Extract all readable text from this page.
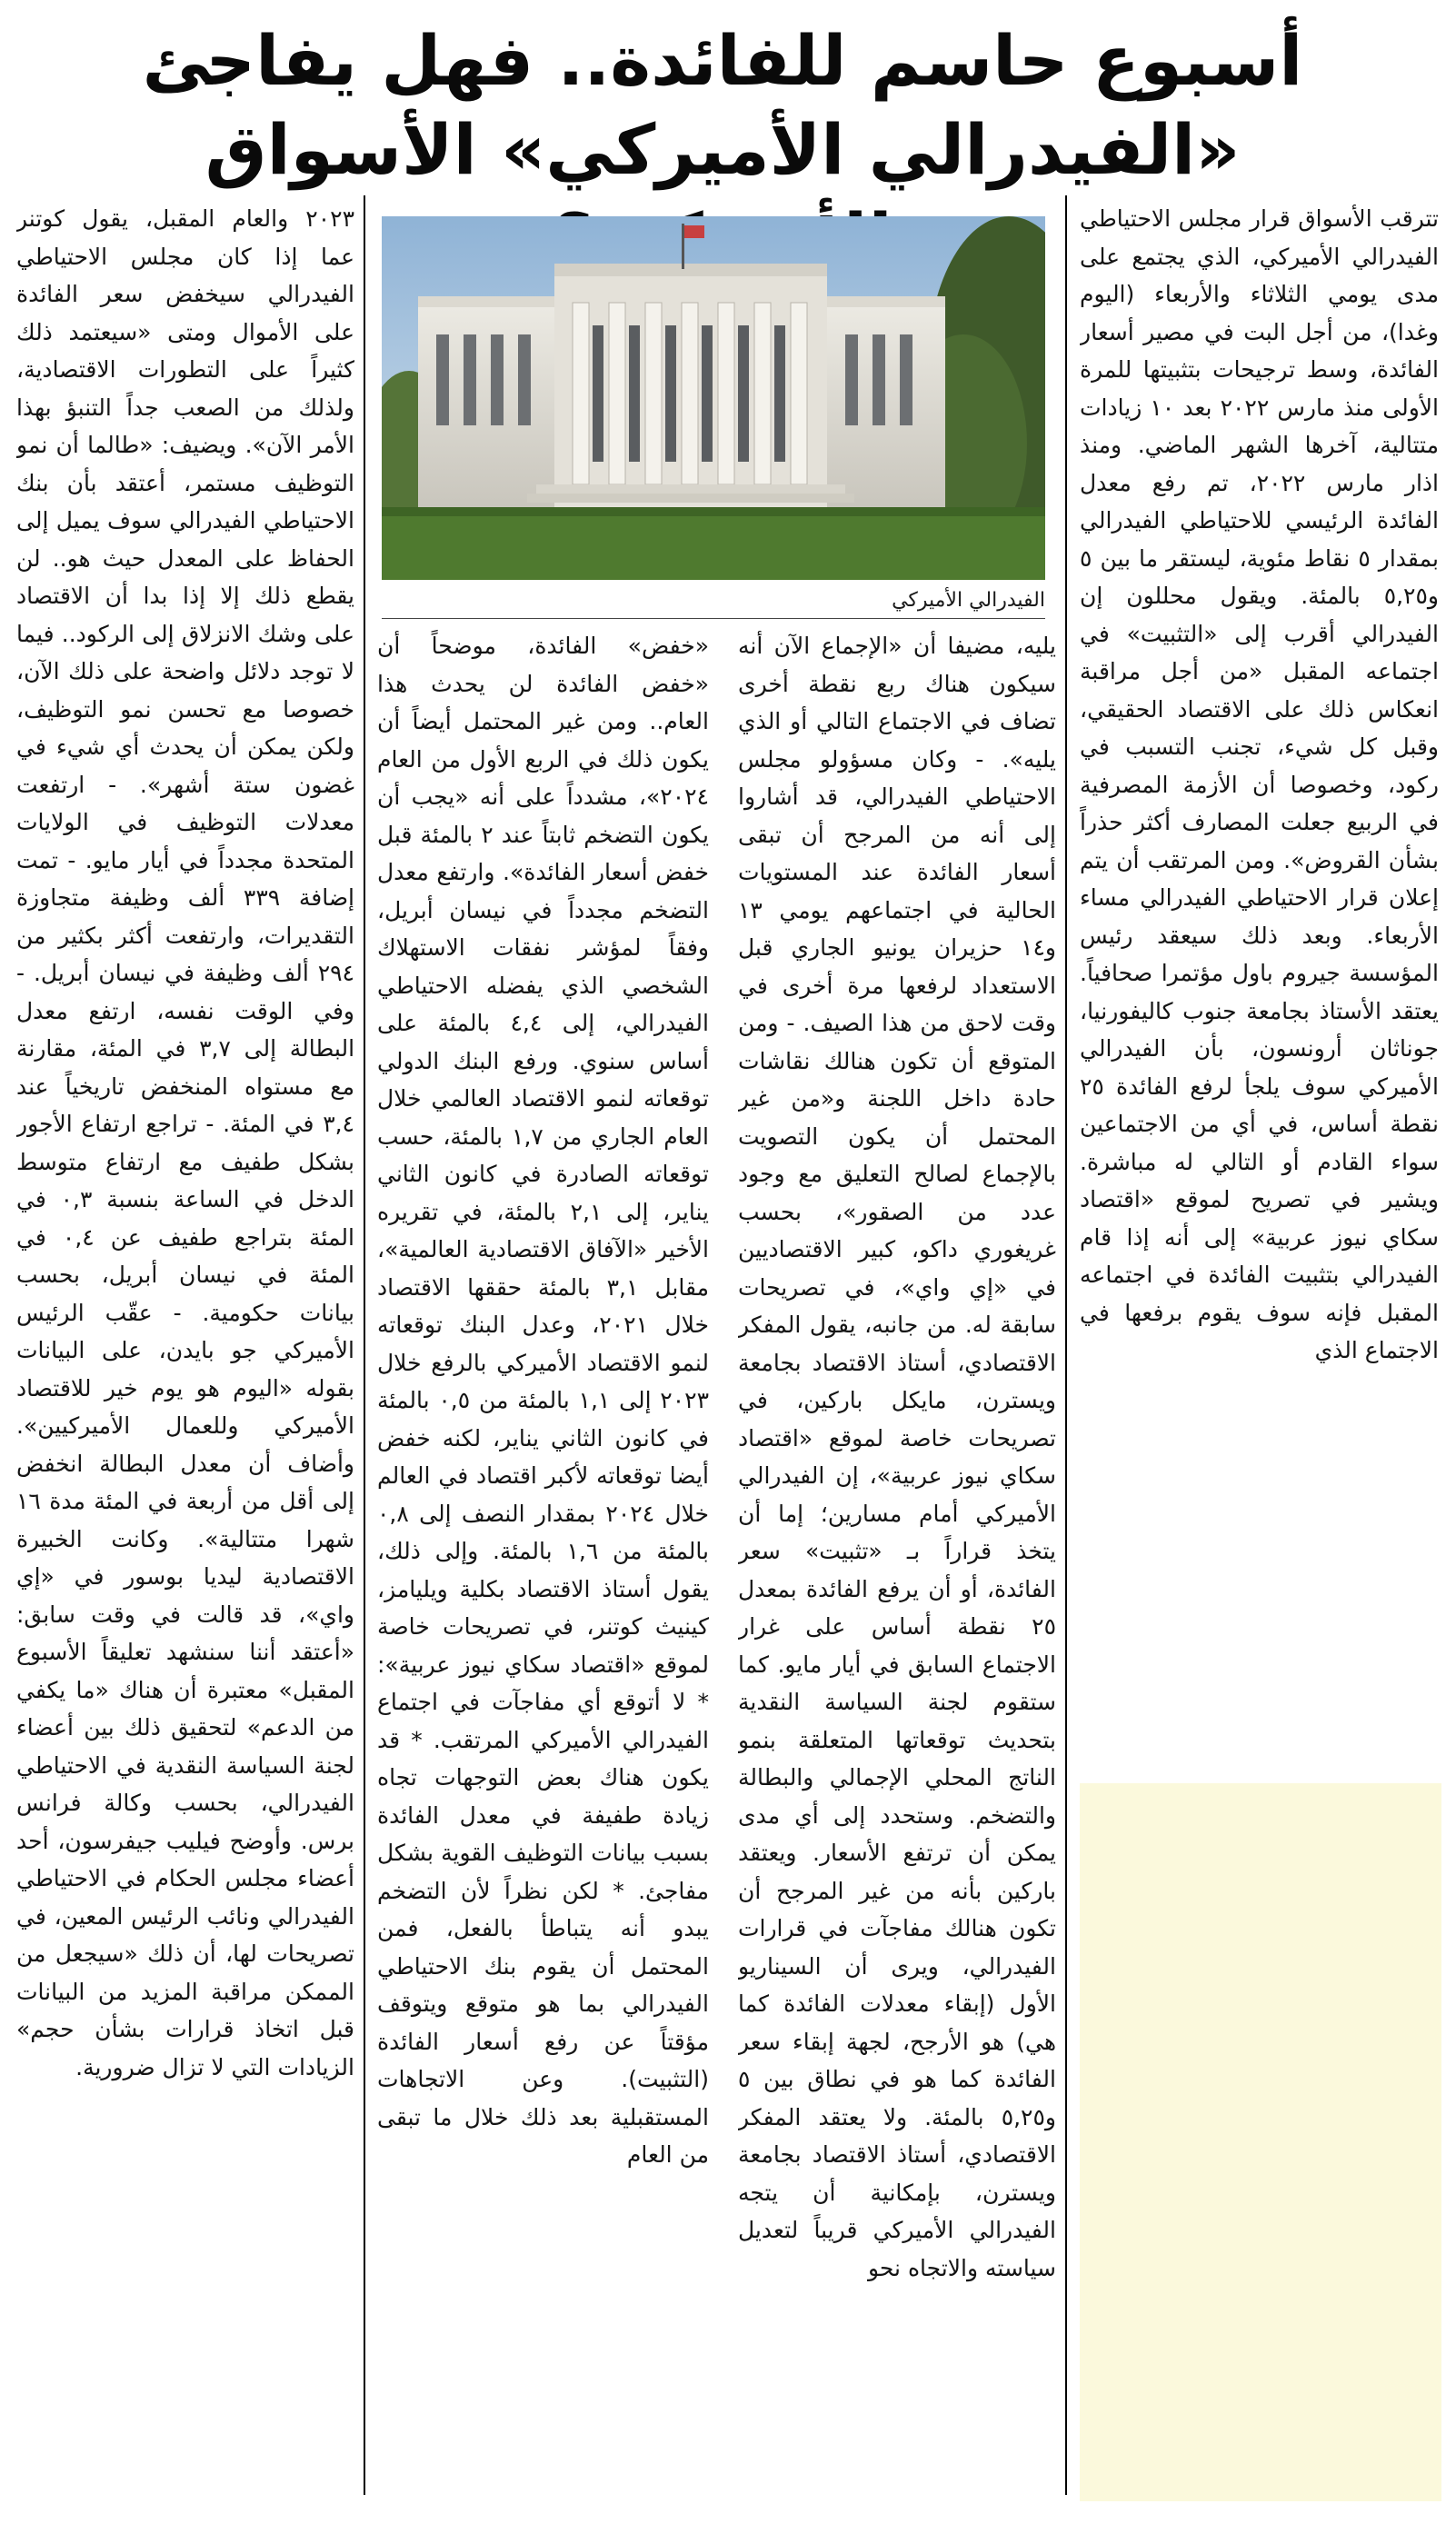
أسبوع حاسم للفائدة.. فهل يفاجئ
«الفيدرالي الأميركي» الأسواق

تترقب الأسواق قرار مجلس الاحتياطي الفيدرالي الأميركي، الذي يجتمع على مدى يومي الثلاثاء والأربعاء (اليوم وغدا)، من أجل البت في مصير أسعار الفائدة، وسط ترجيحات بتثبيتها للمرة الأولى منذ مارس ٢٠٢٢ بعد ١٠ زيادات متتالية، آخرها الشهر الماضي. ومنذ اذار مارس ٢٠٢٢، تم رفع معدل الفائدة الرئيسي للاحتياطي الفيدرالي بمقدار ٥ نقاط مئوية، ليستقر ما بين ٥ و٥,٢٥ بالمئة. ويقول محللون إن الفيدرالي أقرب إلى «التثبيت» في اجتماعه المقبل «من أجل مراقبة انعكاس ذلك على الاقتصاد الحقيقي، وقبل كل شيء، تجنب التسبب في ركود، وخصوصا أن الأزمة المصرفية في الربيع جعلت المصارف أكثر حذراً بشأن القروض». ومن المرتقب أن يتم إعلان قرار الاحتياطي الفيدرالي مساء الأربعاء. وبعد ذلك سيعقد رئيس المؤسسة جيروم باول مؤتمرا صحافياً. يعتقد الأستاذ بجامعة جنوب كاليفورنيا، جوناثان أرونسون، بأن الفيدرالي الأميركي سوف يلجأ لرفع الفائدة ٢٥ نقطة أساس، في أي من الاجتماعين سواء القادم أو التالي له مباشرة. ويشير في تصريح لموقع «اقتصاد سكاي نيوز عربية» إلى أنه إذا قام الفيدرالي بتثبيت الفائدة في اجتماعه المقبل فإنه سوف يقوم برفعها في الاجتماع الذي

الفيدرالي الأميركي

يليه، مضيفا أن «الإجماع الآن أنه سيكون هناك ربع نقطة أخرى تضاف في الاجتماع التالي أو الذي يليه». - وكان مسؤولو مجلس الاحتياطي الفيدرالي، قد أشاروا إلى أنه من المرجح أن تبقى أسعار الفائدة عند المستويات الحالية في اجتماعهم يومي ١٣ و١٤ حزيران يونيو الجاري قبل الاستعداد لرفعها مرة أخرى في وقت لاحق من هذا الصيف. - ومن المتوقع أن تكون هنالك نقاشات حادة داخل اللجنة و«من غير المحتمل أن يكون التصويت بالإجماع لصالح التعليق مع وجود عدد من الصقور»، بحسب غريغوري داكو، كبير الاقتصاديين في «إي واي»، في تصريحات سابقة له. من جانبه، يقول المفكر الاقتصادي، أستاذ الاقتصاد بجامعة ويسترن، مايكل باركين، في تصريحات خاصة لموقع «اقتصاد سكاي نيوز عربية»، إن الفيدرالي الأميركي أمام مسارين؛ إما أن يتخذ قراراً بـ «تثبيت» سعر الفائدة، أو أن يرفع الفائدة بمعدل ٢٥ نقطة أساس على غرار الاجتماع السابق في أيار مايو. كما ستقوم لجنة السياسة النقدية بتحديث توقعاتها المتعلقة بنمو الناتج المحلي الإجمالي والبطالة والتضخم. وستحدد إلى أي مدى يمكن أن ترتفع الأسعار. ويعتقد باركين بأنه من غير المرجح أن تكون هنالك مفاجآت في قرارات الفيدرالي، ويرى أن السيناريو الأول (إبقاء معدلات الفائدة كما هي) هو الأرجح، لجهة إبقاء سعر الفائدة كما هو في نطاق بين ٥ و٥,٢٥ بالمئة. ولا يعتقد المفكر الاقتصادي، أستاذ الاقتصاد بجامعة ويسترن، بإمكانية أن يتجه الفيدرالي الأميركي قريباً لتعديل سياسته والاتجاه نحو

«خفض» الفائدة، موضحاً أن «خفض الفائدة لن يحدث هذا العام.. ومن غير المحتمل أيضاً أن يكون ذلك في الربع الأول من العام ٢٠٢٤»، مشدداً على أنه «يجب أن يكون التضخم ثابتاً عند ٢ بالمئة قبل خفض أسعار الفائدة». وارتفع معدل التضخم مجدداً في نيسان أبريل، وفقاً لمؤشر نفقات الاستهلاك الشخصي الذي يفضله الاحتياطي الفيدرالي، إلى ٤,٤ بالمئة على أساس سنوي. ورفع البنك الدولي توقعاته لنمو الاقتصاد العالمي خلال العام الجاري من ١,٧ بالمئة، حسب توقعاته الصادرة في كانون الثاني يناير، إلى ٢,١ بالمئة، في تقريره الأخير «الآفاق الاقتصادية العالمية»، مقابل ٣,١ بالمئة حققها الاقتصاد خلال ٢٠٢١، وعدل البنك توقعاته لنمو الاقتصاد الأميركي بالرفع خلال ٢٠٢٣ إلى ١,١ بالمئة من ٠,٥ بالمئة في كانون الثاني يناير، لكنه خفض أيضا توقعاته لأكبر اقتصاد في العالم خلال ٢٠٢٤ بمقدار النصف إلى ٠,٨ بالمئة من ١,٦ بالمئة. وإلى ذلك، يقول أستاذ الاقتصاد بكلية ويليامز، كينيث كوتنر، في تصريحات خاصة لموقع «اقتصاد سكاي نيوز عربية»: * لا أتوقع أي مفاجآت في اجتماع الفيدرالي الأميركي المرتقب. * قد يكون هناك بعض التوجهات تجاه زيادة طفيفة في معدل الفائدة بسبب بيانات التوظيف القوية بشكل مفاجئ. * لكن نظراً لأن التضخم يبدو أنه يتباطأ بالفعل، فمن المحتمل أن يقوم بنك الاحتياطي الفيدرالي بما هو متوقع ويتوقف مؤقتاً عن رفع أسعار الفائدة (التثبيت). وعن الاتجاهات المستقبلية بعد ذلك خلال ما تبقى من العام

٢٠٢٣ والعام المقبل، يقول كوتنر عما إذا كان مجلس الاحتياطي الفيدرالي سيخفض سعر الفائدة على الأموال ومتى «سيعتمد ذلك كثيراً على التطورات الاقتصادية، ولذلك من الصعب جداً التنبؤ بهذا الأمر الآن». ويضيف: «طالما أن نمو التوظيف مستمر، أعتقد بأن بنك الاحتياطي الفيدرالي سوف يميل إلى الحفاظ على المعدل حيث هو.. لن يقطع ذلك إلا إذا بدا أن الاقتصاد على وشك الانزلاق إلى الركود.. فيما لا توجد دلائل واضحة على ذلك الآن، خصوصا مع تحسن نمو التوظيف، ولكن يمكن أن يحدث أي شيء في غضون ستة أشهر». - ارتفعت معدلات التوظيف في الولايات المتحدة مجدداً في أيار مايو. - تمت إضافة ٣٣٩ ألف وظيفة متجاوزة التقديرات، وارتفعت أكثر بكثير من ٢٩٤ ألف وظيفة في نيسان أبريل. - وفي الوقت نفسه، ارتفع معدل البطالة إلى ٣,٧ في المئة، مقارنة مع مستواه المنخفض تاريخياً عند ٣,٤ في المئة. - تراجع ارتفاع الأجور بشكل طفيف مع ارتفاع متوسط الدخل في الساعة بنسبة ٠,٣ في المئة بتراجع طفيف عن ٠,٤ في المئة في نيسان أبريل، بحسب بيانات حكومية. - عقّب الرئيس الأميركي جو بايدن، على البيانات بقوله «اليوم هو يوم خير للاقتصاد الأميركي وللعمال الأميركيين». وأضاف أن معدل البطالة انخفض إلى أقل من أربعة في المئة مدة ١٦ شهرا متتالية». وكانت الخبيرة الاقتصادية ليديا بوسور في «إي واي»، قد قالت في وقت سابق: «أعتقد أننا سنشهد تعليقاً الأسبوع المقبل» معتبرة أن هناك «ما يكفي من الدعم» لتحقيق ذلك بين أعضاء لجنة السياسة النقدية في الاحتياطي الفيدرالي، بحسب وكالة فرانس برس. وأوضح فيليب جيفرسون، أحد أعضاء مجلس الحكام في الاحتياطي الفيدرالي ونائب الرئيس المعين، في تصريحات لها، أن ذلك «سيجعل من الممكن مراقبة المزيد من البيانات قبل اتخاذ قرارات بشأن حجم» الزيادات التي لا تزال ضرورية.
